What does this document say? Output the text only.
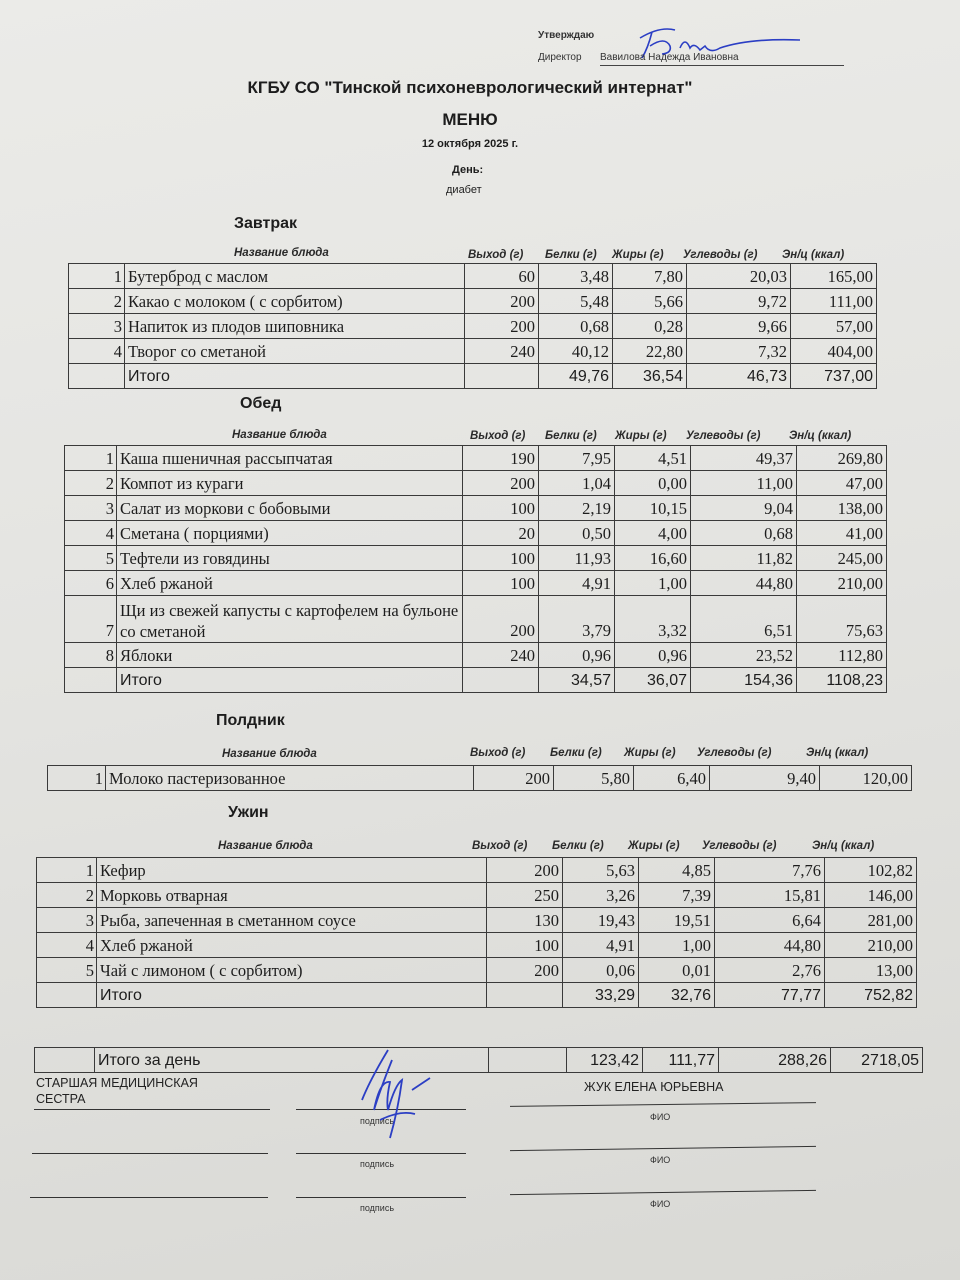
Утверждаю
Директор Вавилова Надежда Ивановна
КГБУ СО "Тинской психоневрологический интернат"
МЕНЮ
12 октября 2025 г.
День:
диабет
Завтрак
Название блюда	Выход (г) Белки (г) Жиры (г) Углеводы (г) Эн/ц (ккал)
1	Бутерброд с маслом	60	3,48	7,80	20,03	165,00
2	Какао с молоком ( с сорбитом)	200	5,48	5,66	9,72	111,00
3	Напиток из плодов шиповника	200	0,68	0,28	9,66	57,00
4	Творог со сметаной	240	40,12	22,80	7,32	404,00
	Итого		49,76	36,54	46,73	737,00
Обед
Название блюда	Выход (г) Белки (г) Жиры (г) Углеводы (г) Эн/ц (ккал)
1	Каша пшеничная рассыпчатая	190	7,95	4,51	49,37	269,80
2	Компот из кураги	200	1,04	0,00	11,00	47,00
3	Салат из моркови с бобовыми	100	2,19	10,15	9,04	138,00
4	Сметана ( порциями)	20	0,50	4,00	0,68	41,00
5	Тефтели из говядины	100	11,93	16,60	11,82	245,00
6	Хлеб ржаной	100	4,91	1,00	44,80	210,00
7	Щи из свежей капусты с картофелем на бульоне со сметаной	200	3,79	3,32	6,51	75,63
8	Яблоки	240	0,96	0,96	23,52	112,80
	Итого		34,57	36,07	154,36	1108,23
Полдник
Название блюда	Выход (г) Белки (г) Жиры (г) Углеводы (г)	Эн/ц (ккал)
1	Молоко пастеризованное	200	5,80	6,40	9,40	120,00
Ужин
Название блюда	Выход (г) Белки (г) Жиры (г) Углеводы (г)	Эн/ц (ккал)
1	Кефир	200	5,63	4,85	7,76	102,82
2	Морковь отварная	250	3,26	7,39	15,81	146,00
3	Рыба, запеченная в сметанном соусе	130	19,43	19,51	6,64	281,00
4	Хлеб ржаной	100	4,91	1,00	44,80	210,00
5	Чай с лимоном ( с сорбитом)	200	0,06	0,01	2,76	13,00
	Итого		33,29	32,76	77,77	752,82
	Итого за день		123,42	111,77	288,26	2718,05
СТАРШАЯ МЕДИЦИНСКАЯ СЕСТРА
ЖУК ЕЛЕНА ЮРЬЕВНА
подпись	ФИО
подпись	ФИО
подпись	ФИО
